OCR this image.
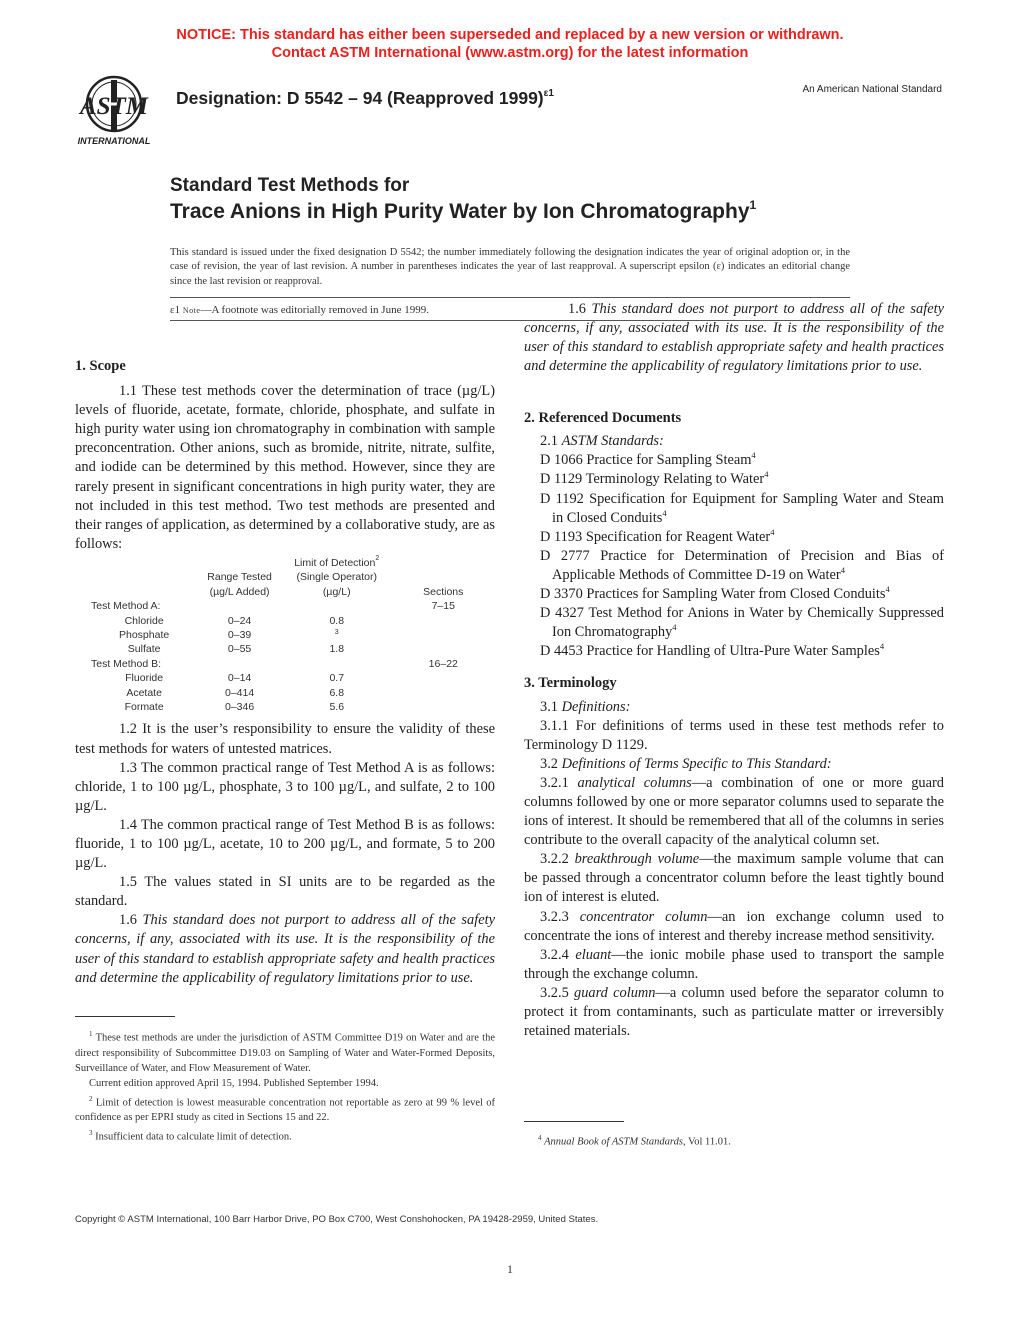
NOTICE: This standard has either been superseded and replaced by a new version or withdrawn.
Contact ASTM International (www.astm.org) for the latest information
ASTM
INTERNATIONAL
Designation: D 5542 – 94 (Reapproved 1999)$^{\varepsilon 1}$	An American National Standard
Standard Test Methods for
Trace Anions in High Purity Water by Ion Chromatography$^1$
This standard is issued under the fixed designation D 5542; the number immediately following the designation indicates the year of original adoption or, in the case of revision, the year of last revision. A number in parentheses indicates the year of last reapproval. A superscript epsilon (ε) indicates an editorial change since the last revision or reapproval.
ε1 Note—A footnote was editorially removed in June 1999.

1. Scope

1.1 These test methods cover the determination of trace (µg/L) levels of fluoride, acetate, formate, chloride, phosphate, and sulfate in high purity water using ion chromatography in combination with sample preconcentration. Other anions, such as bromide, nitrite, nitrate, sulfite, and iodide can be determined by this method. However, since they are rarely present in significant concentrations in high purity water, they are not included in this test method. Two test methods are presented and their ranges of application, as determined by a collaborative study, are as follows:

		Limit of Detection$^2$	
	Range Tested	(Single Operator)	
	(µg/L Added)	(µg/L)	Sections
Test Method A:			7–15
Chloride	0–24	0.8	
Phosphate	0–39	3	
Sulfate	0–55	1.8	
Test Method B:			16–22
Fluoride	0–14	0.7	
Acetate	0–414	6.8	
Formate	0–346	5.6	

1.2 It is the user’s responsibility to ensure the validity of these test methods for waters of untested matrices.

1.3 The common practical range of Test Method A is as follows: chloride, 1 to 100 µg/L, phosphate, 3 to 100 µg/L, and sulfate, 2 to 100 µg/L.

1.4 The common practical range of Test Method B is as follows: fluoride, 1 to 100 µg/L, acetate, 10 to 200 µg/L, and formate, 5 to 200 µg/L.

1.5 The values stated in SI units are to be regarded as the standard.

1.6 This standard does not purport to address all of the safety concerns, if any, associated with its use. It is the responsibility of the user of this standard to establish appropriate safety and health practices and determine the applicability of regulatory limitations prior to use.

$^1$ These test methods are under the jurisdiction of ASTM Committee D19 on Water and are the direct responsibility of Subcommittee D19.03 on Sampling of Water and Water-Formed Deposits, Surveillance of Water, and Flow Measurement of Water.
Current edition approved April 15, 1994. Published September 1994.
$^2$ Limit of detection is lowest measurable concentration not reportable as zero at 99 % level of confidence as per EPRI study as cited in Sections 15 and 22.
$^3$ Insufficient data to calculate limit of detection.

1.6 This standard does not purport to address all of the safety concerns, if any, associated with its use. It is the responsibility of the user of this standard to establish appropriate safety and health practices and determine the applicability of regulatory limitations prior to use.

2. Referenced Documents

2.1 ASTM Standards:

D 1066 Practice for Sampling Steam$^4$

D 1129 Terminology Relating to Water$^4$

D 1192 Specification for Equipment for Sampling Water and Steam in Closed Conduits$^4$

D 1193 Specification for Reagent Water$^4$

D 2777 Practice for Determination of Precision and Bias of Applicable Methods of Committee D-19 on Water$^4$

D 3370 Practices for Sampling Water from Closed Conduits$^4$

D 4327 Test Method for Anions in Water by Chemically Suppressed Ion Chromatography$^4$

D 4453 Practice for Handling of Ultra-Pure Water Samples$^4$

3. Terminology

3.1 Definitions:

3.1.1 For definitions of terms used in these test methods refer to Terminology D 1129.

3.2 Definitions of Terms Specific to This Standard:

3.2.1 analytical columns—a combination of one or more guard columns followed by one or more separator columns used to separate the ions of interest. It should be remembered that all of the columns in series contribute to the overall capacity of the analytical column set.

3.2.2 breakthrough volume—the maximum sample volume that can be passed through a concentrator column before the least tightly bound ion of interest is eluted.

3.2.3 concentrator column—an ion exchange column used to concentrate the ions of interest and thereby increase method sensitivity.

3.2.4 eluant—the ionic mobile phase used to transport the sample through the exchange column.

3.2.5 guard column—a column used before the separator column to protect it from contaminants, such as particulate matter or irreversibly retained materials.

$^4$ Annual Book of ASTM Standards, Vol 11.01.
Copyright © ASTM International, 100 Barr Harbor Drive, PO Box C700, West Conshohocken, PA 19428-2959, United States.
1
